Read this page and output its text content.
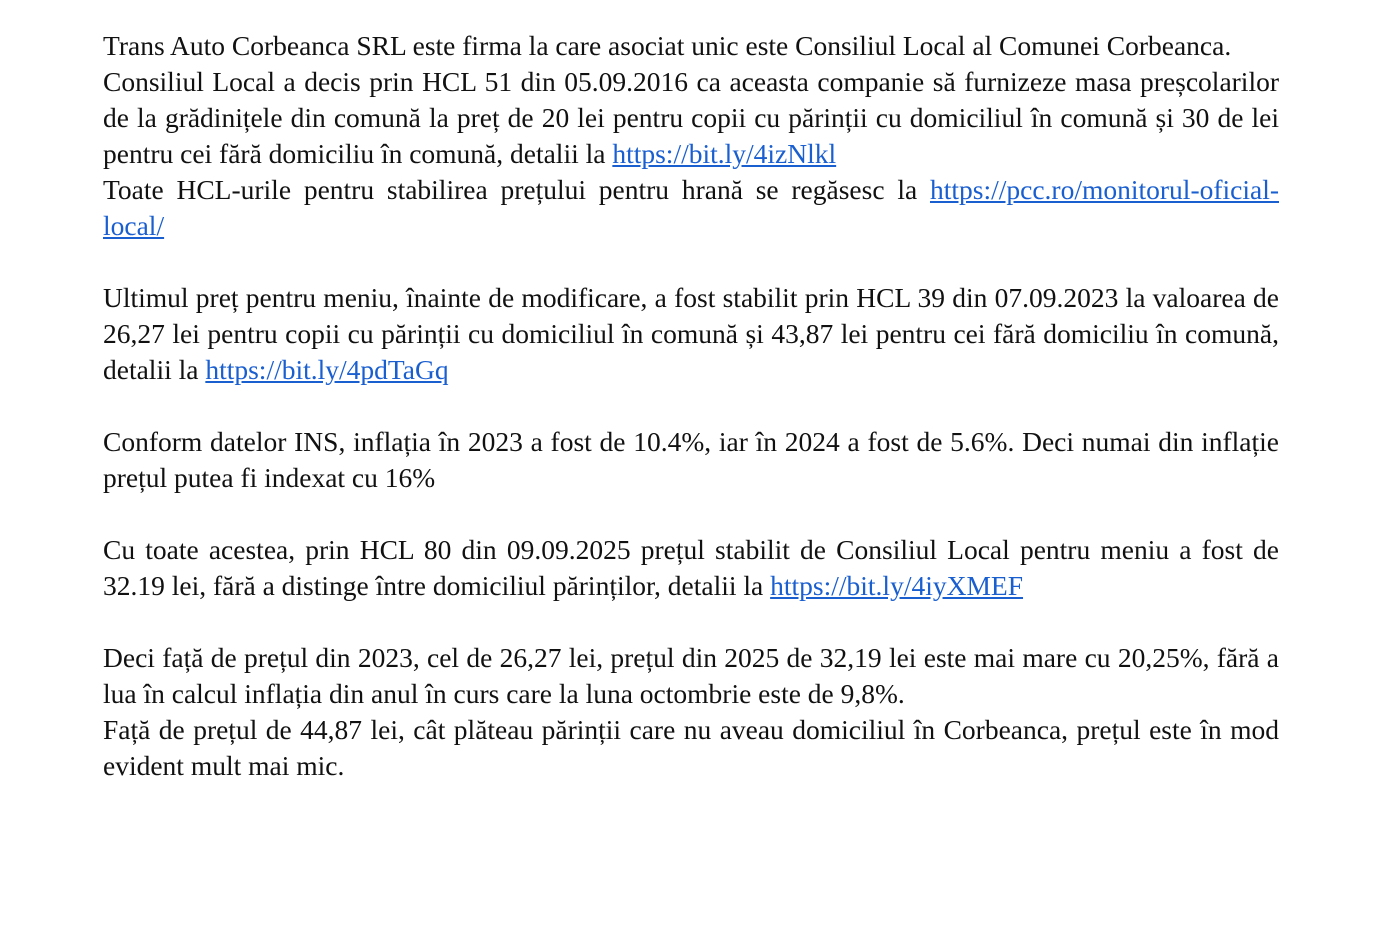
Trans Auto Corbeanca SRL este firma la care asociat unic este Consiliul Local al Comunei Corbeanca.

Consiliul Local a decis prin HCL 51 din 05.09.2016 ca aceasta companie să furnizeze masa preșcolarilor de la grădinițele din comună la preț de 20 lei pentru copii cu părinții cu domiciliul în comună și 30 de lei pentru cei fără domiciliu în comună, detalii la https://bit.ly/4izNlkl

Toate HCL-urile pentru stabilirea prețului pentru hrană se regăsesc la https://pcc.ro/monitorul-oficial-local/

Ultimul preț pentru meniu, înainte de modificare, a fost stabilit prin HCL 39 din 07.09.2023 la valoarea de 26,27 lei pentru copii cu părinții cu domiciliul în comună și 43,87 lei pentru cei fără domiciliu în comună, detalii la https://bit.ly/4pdTaGq

Conform datelor INS, inflația în 2023 a fost de 10.4%, iar în 2024 a fost de 5.6%. Deci numai din inflație prețul putea fi indexat cu 16%

Cu toate acestea, prin HCL 80 din 09.09.2025 prețul stabilit de Consiliul Local pentru meniu a fost de 32.19 lei, fără a distinge între domiciliul părinților, detalii la https://bit.ly/4iyXMEF

Deci față de prețul din 2023, cel de 26,27 lei, prețul din 2025 de 32,19 lei este mai mare cu 20,25%, fără a lua în calcul inflația din anul în curs care la luna octombrie este de 9,8%.

Față de prețul de 44,87 lei, cât plăteau părinții care nu aveau domiciliul în Corbeanca, prețul este în mod evident mult mai mic.
